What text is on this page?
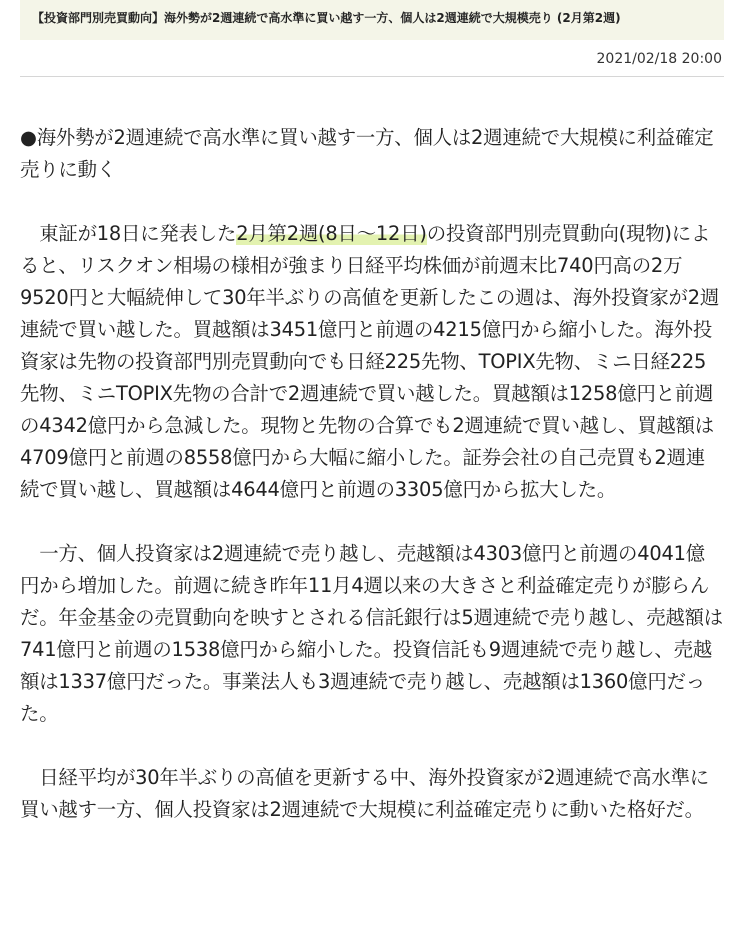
【投資部門別売買動向】海外勢が2週連続で高水準に買い越す一方、個人は2週連続で大規模売り (2月第2週)
2021/02/18 20:00

●海外勢が2週連続で高水準に買い越す一方、個人は2週連続で大規模に利益確定売りに動く

　東証が18日に発表した2月第2週(8日～12日)の投資部門別売買動向(現物)によると、リスクオン相場の様相が強まり日経平均株価が前週末比740円高の2万9520円と大幅続伸して30年半ぶりの高値を更新したこの週は、海外投資家が2週連続で買い越した。買越額は3451億円と前週の4215億円から縮小した。海外投資家は先物の投資部門別売買動向でも日経225先物、TOPIX先物、ミニ日経225先物、ミニTOPIX先物の合計で2週連続で買い越した。買越額は1258億円と前週の4342億円から急減した。現物と先物の合算でも2週連続で買い越し、買越額は4709億円と前週の8558億円から大幅に縮小した。証券会社の自己売買も2週連続で買い越し、買越額は4644億円と前週の3305億円から拡大した。

　一方、個人投資家は2週連続で売り越し、売越額は4303億円と前週の4041億円から増加した。前週に続き昨年11月4週以来の大きさと利益確定売りが膨らんだ。年金基金の売買動向を映すとされる信託銀行は5週連続で売り越し、売越額は741億円と前週の1538億円から縮小した。投資信託も9週連続で売り越し、売越額は1337億円だった。事業法人も3週連続で売り越し、売越額は1360億円だった。

　日経平均が30年半ぶりの高値を更新する中、海外投資家が2週連続で高水準に買い越す一方、個人投資家は2週連続で大規模に利益確定売りに動いた格好だ。
